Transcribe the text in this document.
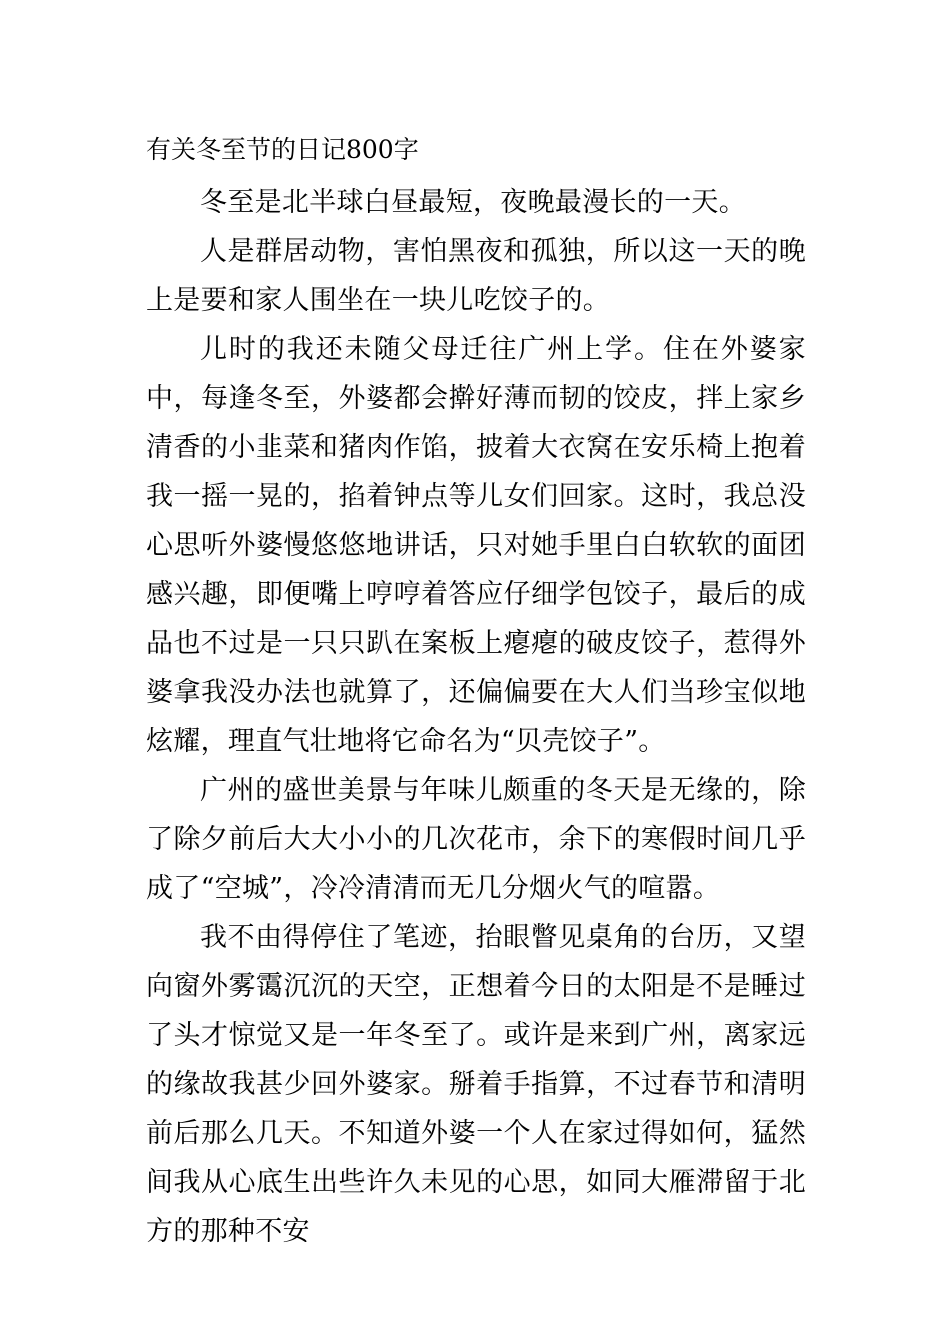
有关冬至节的日记800字

冬至是北半球白昼最短，夜晚最漫长的一天。

人是群居动物，害怕黑夜和孤独，所以这一天的晚上是要和家人围坐在一块儿吃饺子的。

儿时的我还未随父母迁往广州上学。住在外婆家中，每逢冬至，外婆都会擀好薄而韧的饺皮，拌上家乡清香的小韭菜和猪肉作馅，披着大衣窝在安乐椅上抱着我一摇一晃的，掐着钟点等儿女们回家。这时，我总没心思听外婆慢悠悠地讲话，只对她手里白白软软的面团感兴趣，即便嘴上哼哼着答应仔细学包饺子，最后的成品也不过是一只只趴在案板上瘪瘪的破皮饺子，惹得外婆拿我没办法也就算了，还偏偏要在大人们当珍宝似地炫耀，理直气壮地将它命名为“贝壳饺子”。

广州的盛世美景与年味儿颇重的冬天是无缘的，除了除夕前后大大小小的几次花市，余下的寒假时间几乎成了“空城”，冷冷清清而无几分烟火气的喧嚣。

我不由得停住了笔迹，抬眼瞥见桌角的台历，又望向窗外雾霭沉沉的天空，正想着今日的太阳是不是睡过了头才惊觉又是一年冬至了。或许是来到广州，离家远的缘故我甚少回外婆家。掰着手指算，不过春节和清明前后那么几天。不知道外婆一个人在家过得如何，猛然间我从心底生出些许久未见的心思，如同大雁滞留于北方的那种不安
